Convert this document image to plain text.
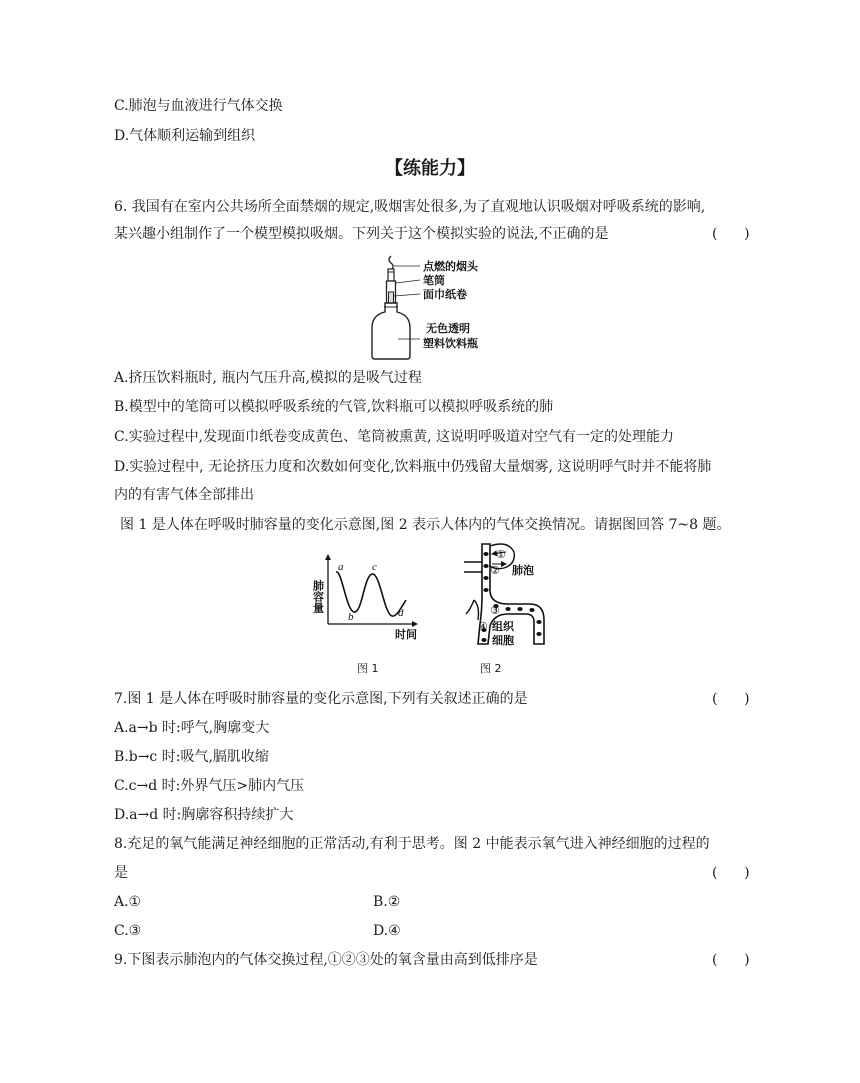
C.肺泡与血液进行气体交换
D.气体顺利运输到组织
【练能力】
6. 我国有在室内公共场所全面禁烟的规定,吸烟害处很多,为了直观地认识吸烟对呼吸系统的影响,
某兴趣小组制作了一个模型模拟吸烟。下列关于这个模拟实验的说法,不正确的是	(      )
点燃的烟头
笔筒
面巾纸卷
无色透明
塑料饮料瓶
A.挤压饮料瓶时, 瓶内气压升高,模拟的是吸气过程
B.模型中的笔筒可以模拟呼吸系统的气管,饮料瓶可以模拟呼吸系统的肺
C.实验过程中,发现面巾纸卷变成黄色、笔筒被熏黄, 这说明呼吸道对空气有一定的处理能力
D.实验过程中, 无论挤压力度和次数如何变化,饮料瓶中仍残留大量烟雾, 这说明呼气时并不能将肺
内的有害气体全部排出
图 1 是人体在呼吸时肺容量的变化示意图,图 2 表示人体内的气体交换情况。请据图回答 7~8 题。
肺容量
时间
a
b
c
d
图 1
①
② 肺泡
③
④ 组织
细胞
图 2
7.图 1 是人体在呼吸时肺容量的变化示意图,下列有关叙述正确的是	(      )
A.a→b 时:呼气,胸廓变大
B.b→c 时:吸气,膈肌收缩
C.c→d 时:外界气压>肺内气压
D.a→d 时:胸廓容积持续扩大
8.充足的氧气能满足神经细胞的正常活动,有利于思考。图 2 中能表示氧气进入神经细胞的过程的
是	(      )
A.①	B.②
C.③	D.④
9.下图表示肺泡内的气体交换过程,①②③处的氧含量由高到低排序是	(      )
